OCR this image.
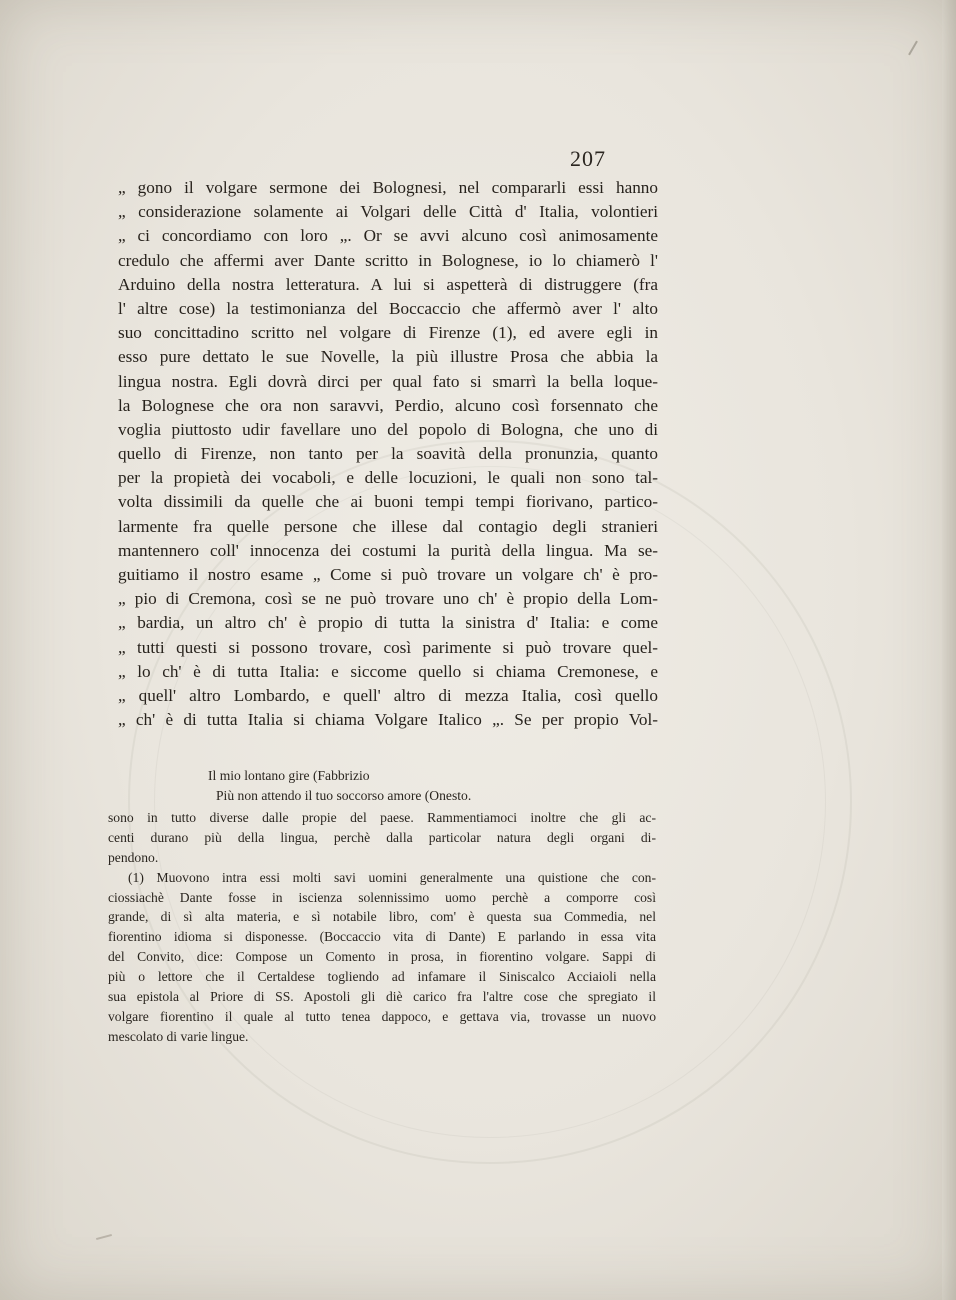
207
„ gono il volgare sermone dei Bolognesi, nel compararli essi hanno
„ considerazione solamente ai Volgari delle Città d' Italia, volontieri
„ ci concordiamo con loro „. Or se avvi alcuno così animosamente
credulo che affermi aver Dante scritto in Bolognese, io lo chiamerò l'
Arduino della nostra letteratura. A lui si aspetterà di distruggere (fra
l' altre cose) la testimonianza del Boccaccio che affermò aver l' alto
suo concittadino scritto nel volgare di Firenze (1), ed avere egli in
esso pure dettato le sue Novelle, la più illustre Prosa che abbia la
lingua nostra. Egli dovrà dirci per qual fato si smarrì la bella loque-
la Bolognese che ora non saravvi, Perdio, alcuno così forsennato che
voglia piuttosto udir favellare uno del popolo di Bologna, che uno di
quello di Firenze, non tanto per la soavità della pronunzia, quanto
per la propietà dei vocaboli, e delle locuzioni, le quali non sono tal-
volta dissimili da quelle che ai buoni tempi tempi fiorivano, partico-
larmente fra quelle persone che illese dal contagio degli stranieri
mantennero coll' innocenza dei costumi la purità della lingua. Ma se-
guitiamo il nostro esame „ Come si può trovare un volgare ch' è pro-
„ pio di Cremona, così se ne può trovare uno ch' è propio della Lom-
„ bardia, un altro ch' è propio di tutta la sinistra d' Italia: e come
„ tutti questi si possono trovare, così parimente si può trovare quel-
„ lo ch' è di tutta Italia: e siccome quello si chiama Cremonese, e
„ quell' altro Lombardo, e quell' altro di mezza Italia, così quello
„ ch' è di tutta Italia si chiama Volgare Italico „. Se per propio Vol-
Il mio lontano gire (Fabbrizio
Più non attendo il tuo soccorso amore (Onesto.
sono in tutto diverse dalle propie del paese. Rammentiamoci inoltre che gli ac-
centi durano più della lingua, perchè dalla particolar natura degli organi di-
pendono.
(1) Muovono intra essi molti savi uomini generalmente una quistione che con-
ciossiachè Dante fosse in iscienza solennissimo uomo perchè a comporre così
grande, di sì alta materia, e sì notabile libro, com' è questa sua Commedia, nel
fiorentino idioma si disponesse. (Boccaccio vita di Dante) E parlando in essa vita
del Convito, dice: Compose un Comento in prosa, in fiorentino volgare. Sappi di
più o lettore che il Certaldese togliendo ad infamare il Siniscalco Acciaioli nella
sua epistola al Priore di SS. Apostoli gli diè carico fra l'altre cose che spregiato il
volgare fiorentino il quale al tutto tenea dappoco, e gettava via, trovasse un nuovo
mescolato di varie lingue.
